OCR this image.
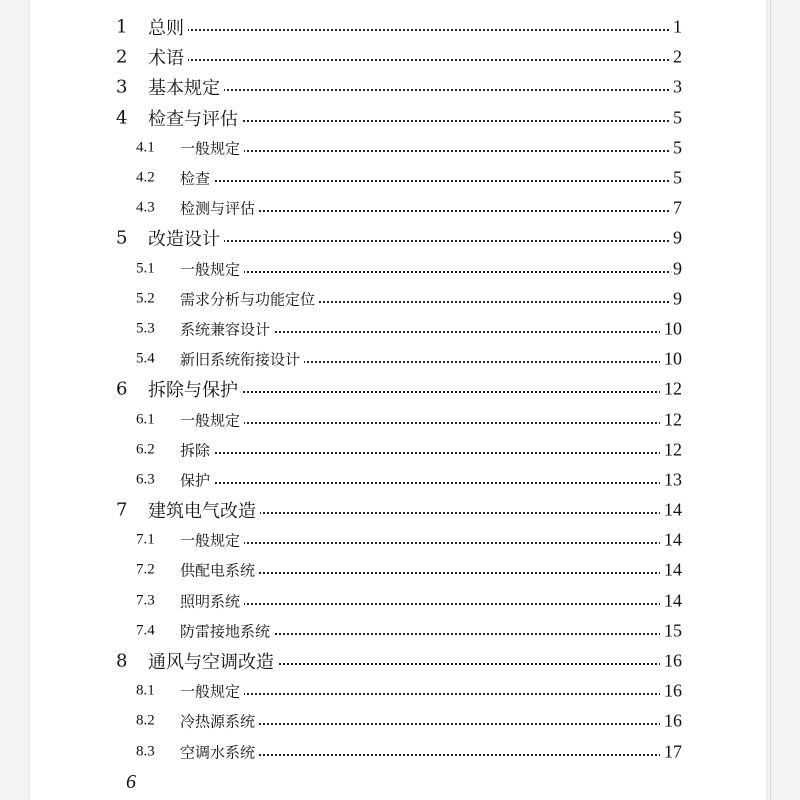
1 总则	1
2 术语	2
3 基本规定	3
4 检查与评估	5
4.1 一般规定	5
4.2 检查	5
4.3 检测与评估	7
5 改造设计	9
5.1 一般规定	9
5.2 需求分析与功能定位	9
5.3 系统兼容设计	10
5.4 新旧系统衔接设计	10
6 拆除与保护	12
6.1 一般规定	12
6.2 拆除	12
6.3 保护	13
7 建筑电气改造	14
7.1 一般规定	14
7.2 供配电系统	14
7.3 照明系统	14
7.4 防雷接地系统	15
8 通风与空调改造	16
8.1 一般规定	16
8.2 冷热源系统	16
8.3 空调水系统	17
6
